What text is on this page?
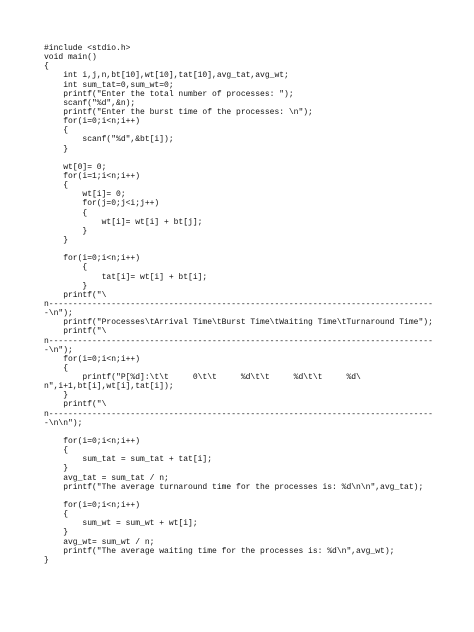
#include <stdio.h>
void main()
{
int i,j,n,bt[10],wt[10],tat[10],avg_tat,avg_wt;
int sum_tat=0,sum_wt=0;
printf("Enter the total number of processes: ");
scanf("%d",&n);
printf("Enter the burst time of the processes: \n");
for(i=0;i<n;i++)
{
scanf("%d",&bt[i]);
}
wt[0]= 0;
for(i=1;i<n;i++)
{
wt[i]= 0;
for(j=0;j<i;j++)
{
wt[i]= wt[i] + bt[j];
}
}
for(i=0;i<n;i++)
{
tat[i]= wt[i] + bt[i];
}
printf("\
n--------------------------------------------------------------------------------
-\n");
printf("Processes\tArrival Time\tBurst Time\tWaiting Time\tTurnaround Time");
printf("\
n--------------------------------------------------------------------------------
-\n");
for(i=0;i<n;i++)
{
printf("P[%d]:\t\t     0\t\t     %d\t\t     %d\t\t     %d\
n",i+1,bt[i],wt[i],tat[i]);
}
printf("\
n--------------------------------------------------------------------------------
-\n\n");
for(i=0;i<n;i++)
{
sum_tat = sum_tat + tat[i];
}
avg_tat = sum_tat / n;
printf("The average turnaround time for the processes is: %d\n\n",avg_tat);
for(i=0;i<n;i++)
{
sum_wt = sum_wt + wt[i];
}
avg_wt= sum_wt / n;
printf("The average waiting time for the processes is: %d\n",avg_wt);
}
